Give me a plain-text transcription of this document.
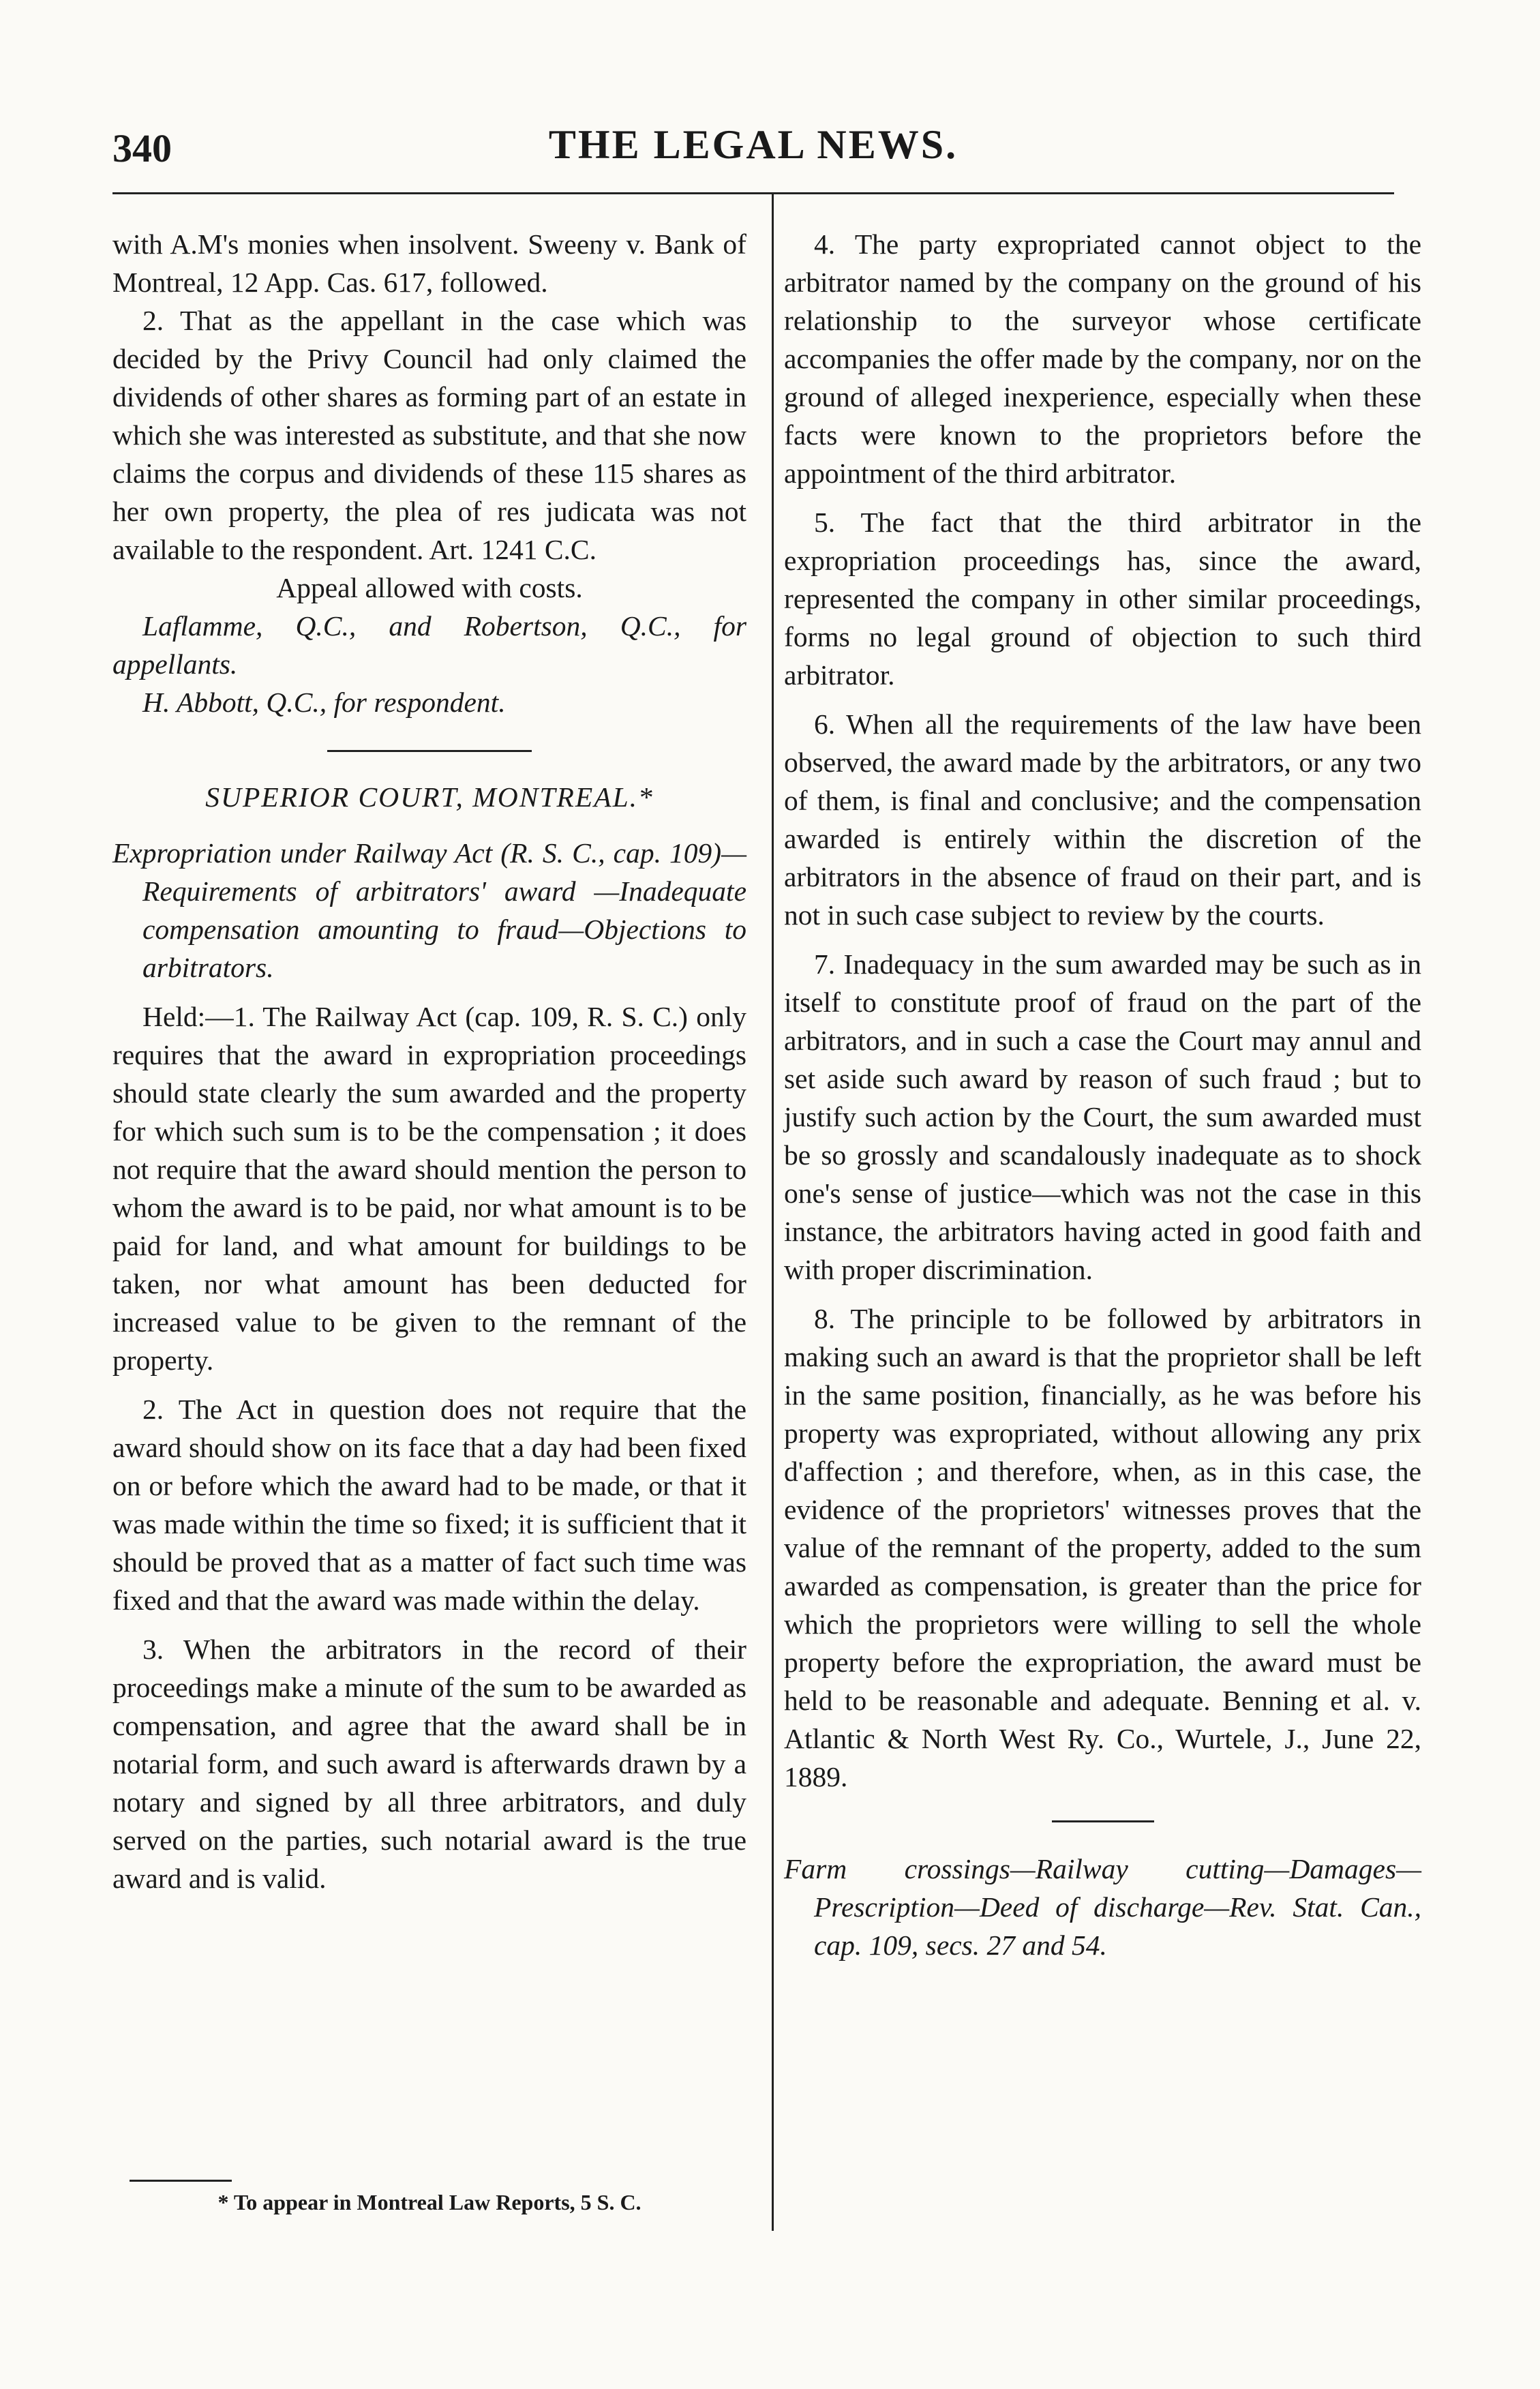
340	THE LEGAL NEWS.

with A.M's monies when insolvent. Sweeny v. Bank of Montreal, 12 App. Cas. 617, followed.

2. That as the appellant in the case which was decided by the Privy Council had only claimed the dividends of other shares as forming part of an estate in which she was interested as substitute, and that she now claims the corpus and dividends of these 115 shares as her own property, the plea of res judicata was not available to the respondent. Art. 1241 C.C.

Appeal allowed with costs.

Laflamme, Q.C., and Robertson, Q.C., for appellants.

H. Abbott, Q.C., for respondent.

SUPERIOR COURT, MONTREAL.*

Expropriation under Railway Act (R. S. C., cap. 109)—Requirements of arbitrators' award —Inadequate compensation amounting to fraud—Objections to arbitrators.

Held:—1. The Railway Act (cap. 109, R. S. C.) only requires that the award in expropriation proceedings should state clearly the sum awarded and the property for which such sum is to be the compensation ; it does not require that the award should mention the person to whom the award is to be paid, nor what amount is to be paid for land, and what amount for buildings to be taken, nor what amount has been deducted for increased value to be given to the remnant of the property.

2. The Act in question does not require that the award should show on its face that a day had been fixed on or before which the award had to be made, or that it was made within the time so fixed; it is sufficient that it should be proved that as a matter of fact such time was fixed and that the award was made within the delay.

3. When the arbitrators in the record of their proceedings make a minute of the sum to be awarded as compensation, and agree that the award shall be in notarial form, and such award is afterwards drawn by a notary and signed by all three arbitrators, and duly served on the parties, such notarial award is the true award and is valid.

* To appear in Montreal Law Reports, 5 S. C.

4. The party expropriated cannot object to the arbitrator named by the company on the ground of his relationship to the surveyor whose certificate accompanies the offer made by the company, nor on the ground of alleged inexperience, especially when these facts were known to the proprietors before the appointment of the third arbitrator.

5. The fact that the third arbitrator in the expropriation proceedings has, since the award, represented the company in other similar proceedings, forms no legal ground of objection to such third arbitrator.

6. When all the requirements of the law have been observed, the award made by the arbitrators, or any two of them, is final and conclusive; and the compensation awarded is entirely within the discretion of the arbitrators in the absence of fraud on their part, and is not in such case subject to review by the courts.

7. Inadequacy in the sum awarded may be such as in itself to constitute proof of fraud on the part of the arbitrators, and in such a case the Court may annul and set aside such award by reason of such fraud ; but to justify such action by the Court, the sum awarded must be so grossly and scandalously inadequate as to shock one's sense of justice—which was not the case in this instance, the arbitrators having acted in good faith and with proper discrimination.

8. The principle to be followed by arbitrators in making such an award is that the proprietor shall be left in the same position, financially, as he was before his property was expropriated, without allowing any prix d'affection ; and therefore, when, as in this case, the evidence of the proprietors' witnesses proves that the value of the remnant of the property, added to the sum awarded as compensation, is greater than the price for which the proprietors were willing to sell the whole property before the expropriation, the award must be held to be reasonable and adequate. Benning et al. v. Atlantic & North West Ry. Co., Wurtele, J., June 22, 1889.

Farm crossings—Railway cutting—Damages—Prescription—Deed of discharge—Rev. Stat. Can., cap. 109, secs. 27 and 54.
